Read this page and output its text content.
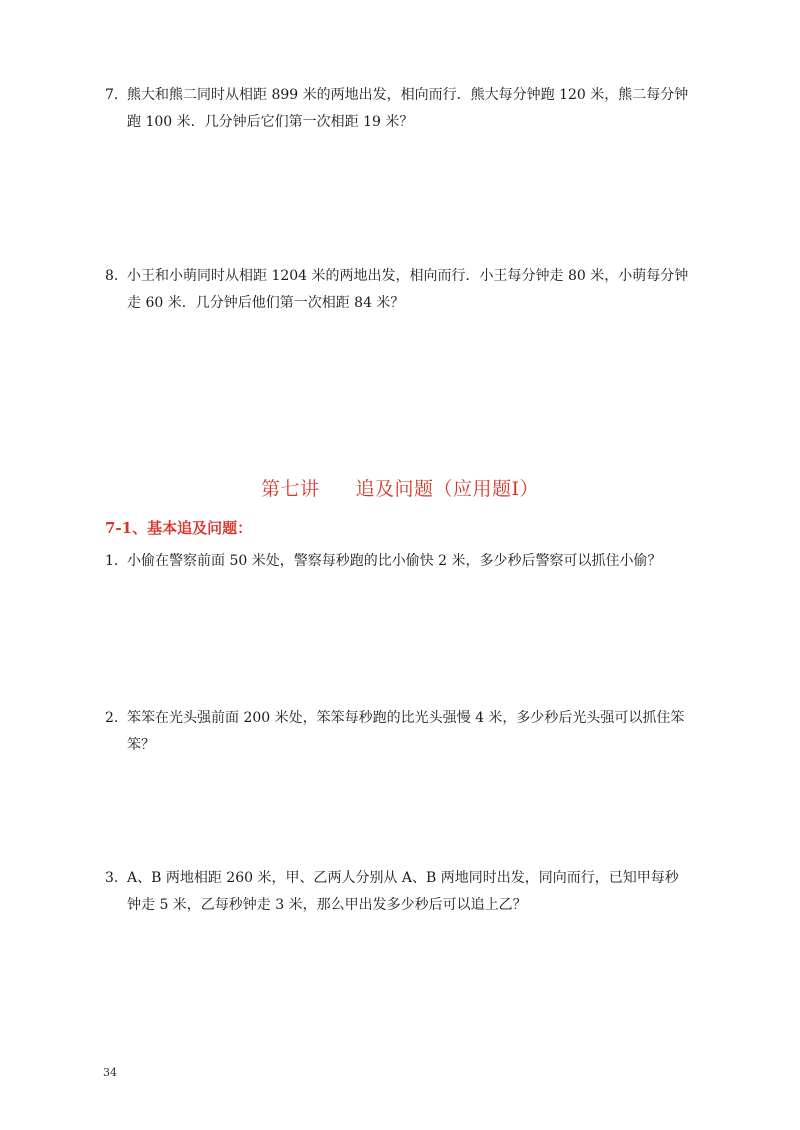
7. 熊大和熊二同时从相距 899 米的两地出发，相向而行．熊大每分钟跑 120 米，熊二每分钟
跑 100 米．几分钟后它们第一次相距 19 米？
8. 小王和小萌同时从相距 1204 米的两地出发，相向而行．小王每分钟走 80 米，小萌每分钟
走 60 米．几分钟后他们第一次相距 84 米？
第七讲 追及问题（应用题Ⅰ）
7-1、基本追及问题：
1. 小偷在警察前面 50 米处，警察每秒跑的比小偷快 2 米，多少秒后警察可以抓住小偷？
2. 笨笨在光头强前面 200 米处，笨笨每秒跑的比光头强慢 4 米，多少秒后光头强可以抓住笨
笨？
3. A、B 两地相距 260 米，甲、乙两人分别从 A、B 两地同时出发，同向而行，已知甲每秒
钟走 5 米，乙每秒钟走 3 米，那么甲出发多少秒后可以追上乙？
34
